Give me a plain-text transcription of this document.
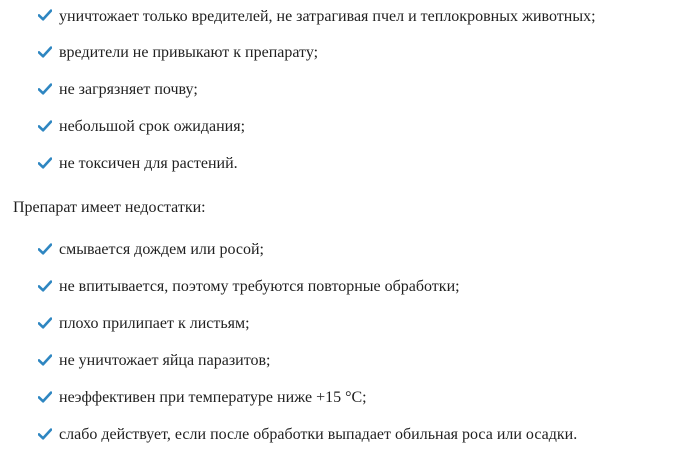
уничтожает только вредителей, не затрагивая пчел и теплокровных животных;
вредители не привыкают к препарату;
не загрязняет почву;
небольшой срок ожидания;
не токсичен для растений.

Препарат имеет недостатки:

смывается дождем или росой;
не впитывается, поэтому требуются повторные обработки;
плохо прилипает к листьям;
не уничтожает яйца паразитов;
неэффективен при температуре ниже +15 °C;
слабо действует, если после обработки выпадает обильная роса или осадки.
